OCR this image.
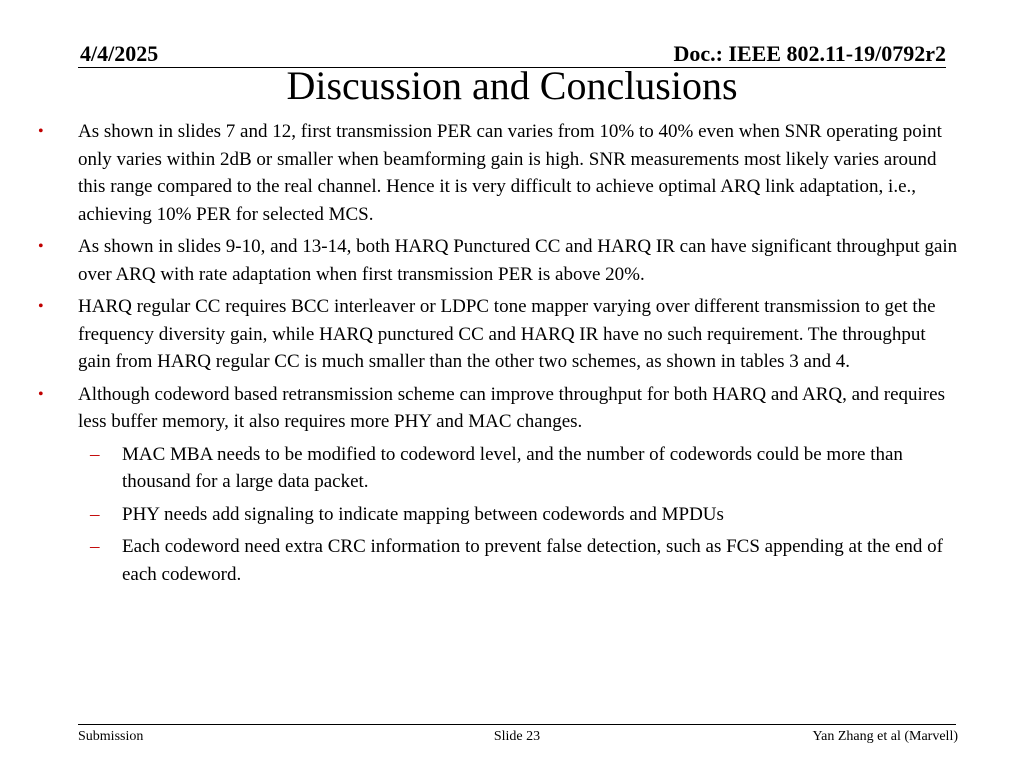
4/4/2025	Doc.: IEEE 802.11-19/0792r2
Discussion and Conclusions
•	As shown in slides 7 and 12, first transmission PER can varies from 10% to 40% even when SNR operating point only varies within 2dB or smaller when beamforming gain is high. SNR measurements most likely varies around this range compared to the real channel. Hence it is very difficult to achieve optimal ARQ link adaptation, i.e., achieving 10% PER for selected MCS.
•	As shown in slides 9-10, and 13-14, both HARQ Punctured CC and HARQ IR can have significant throughput gain over ARQ with rate adaptation when first transmission PER is above 20%.
•	HARQ regular CC requires BCC interleaver or LDPC tone mapper varying over different transmission to get the frequency diversity gain, while HARQ punctured CC and HARQ IR have no such requirement. The throughput gain from HARQ regular CC is much smaller than the other two schemes, as shown in tables 3 and 4.
•	Although codeword based retransmission scheme can improve throughput for both HARQ and ARQ, and requires less buffer memory, it also requires more PHY and MAC changes.
– MAC MBA needs to be modified to codeword level, and the number of codewords could be more than thousand for a large data packet.
– PHY needs add signaling to indicate mapping between codewords and MPDUs
– Each codeword need extra CRC information to prevent false detection, such as FCS appending at the end of each codeword.
Submission	Slide 23	Yan Zhang et al (Marvell)
